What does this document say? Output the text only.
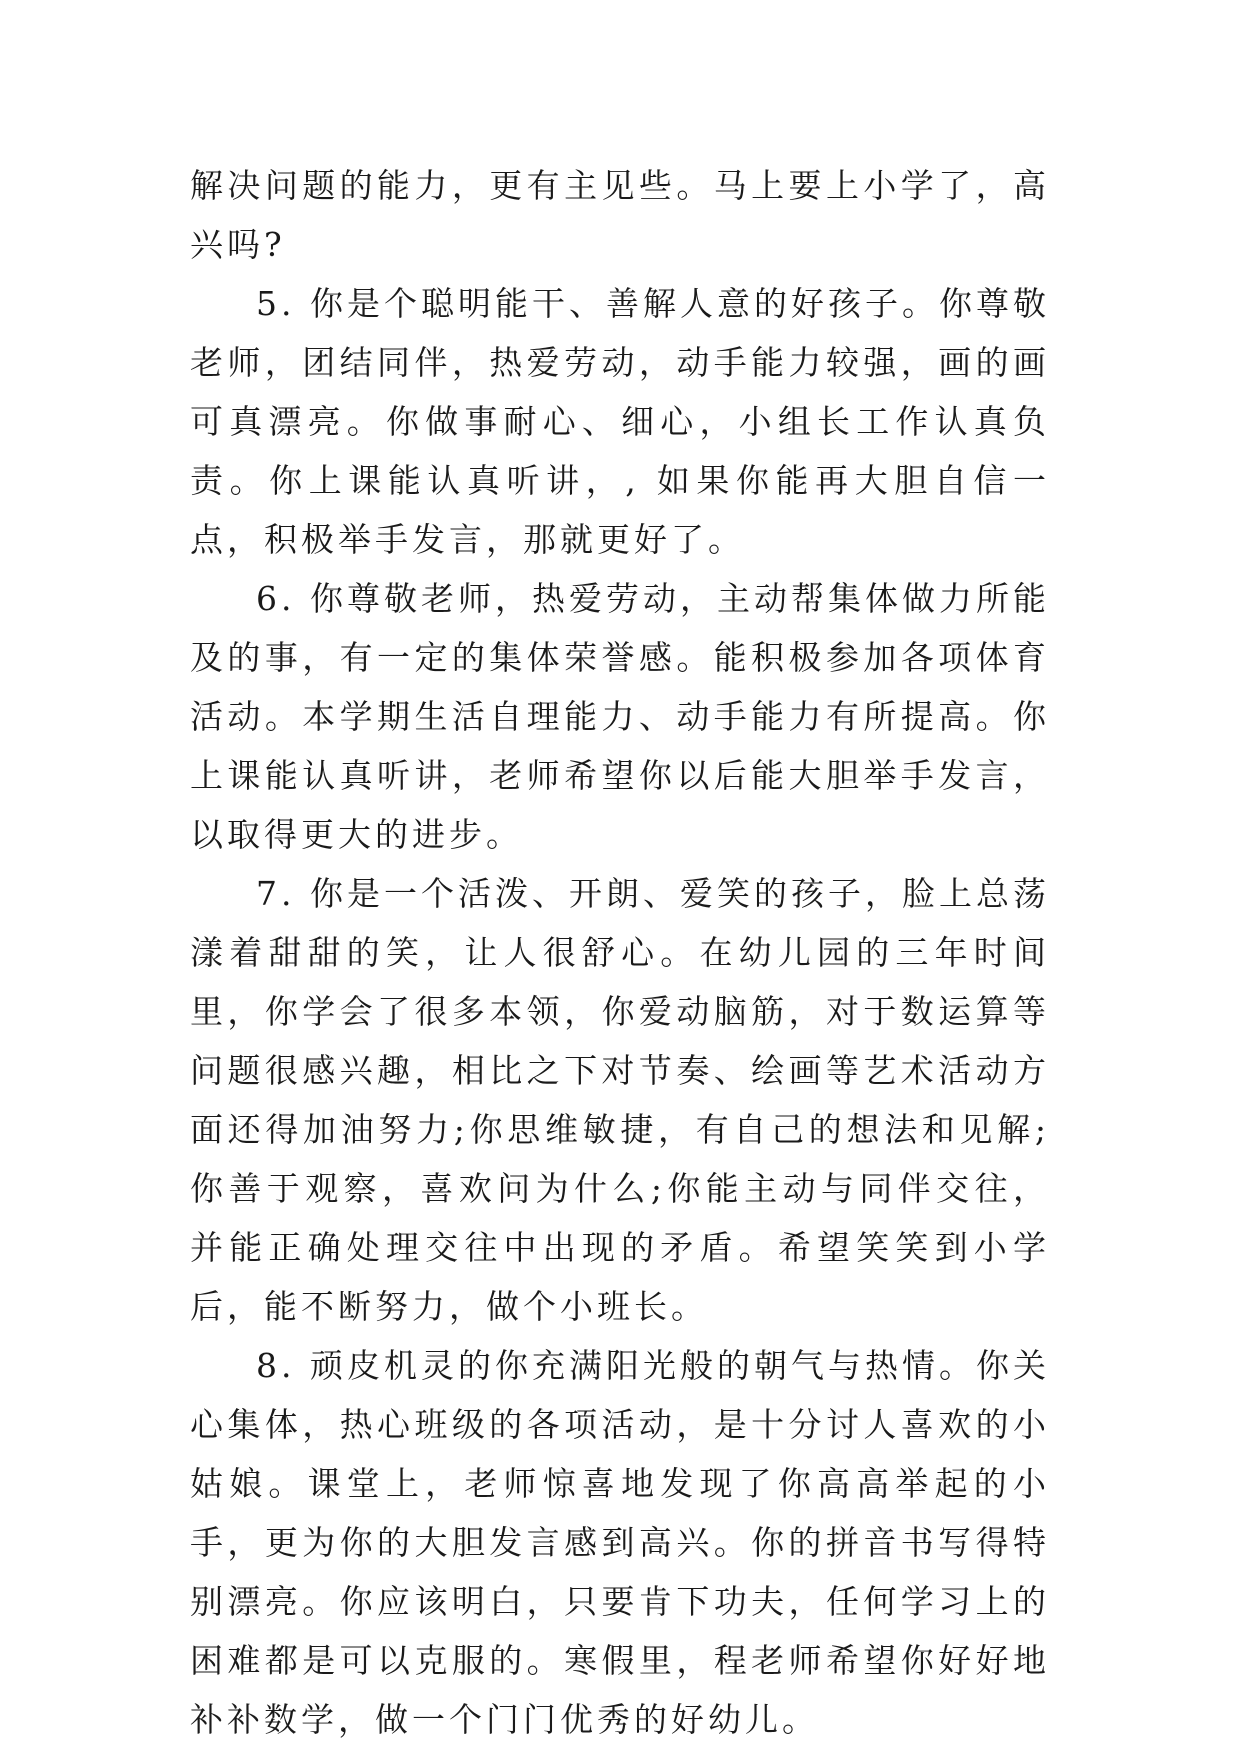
解决问题的能力，更有主见些。马上要上小学了，高兴吗?

5. 你是个聪明能干、善解人意的好孩子。你尊敬老师，团结同伴，热爱劳动，动手能力较强，画的画可真漂亮。你做事耐心、细心，小组长工作认真负责。你上课能认真听讲，, 如果你能再大胆自信一点，积极举手发言，那就更好了。

6. 你尊敬老师，热爱劳动，主动帮集体做力所能及的事，有一定的集体荣誉感。能积极参加各项体育活动。本学期生活自理能力、动手能力有所提高。你上课能认真听讲，老师希望你以后能大胆举手发言，以取得更大的进步。

7. 你是一个活泼、开朗、爱笑的孩子，脸上总荡漾着甜甜的笑，让人很舒心。在幼儿园的三年时间里，你学会了很多本领，你爱动脑筋，对于数运算等问题很感兴趣，相比之下对节奏、绘画等艺术活动方面还得加油努力;你思维敏捷，有自己的想法和见解;你善于观察，喜欢问为什么;你能主动与同伴交往，并能正确处理交往中出现的矛盾。希望笑笑到小学后，能不断努力，做个小班长。

8. 顽皮机灵的你充满阳光般的朝气与热情。你关心集体，热心班级的各项活动，是十分讨人喜欢的小姑娘。课堂上，老师惊喜地发现了你高高举起的小手，更为你的大胆发言感到高兴。你的拼音书写得特别漂亮。你应该明白，只要肯下功夫，任何学习上的困难都是可以克服的。寒假里，程老师希望你好好地补补数学，做一个门门优秀的好幼儿。
